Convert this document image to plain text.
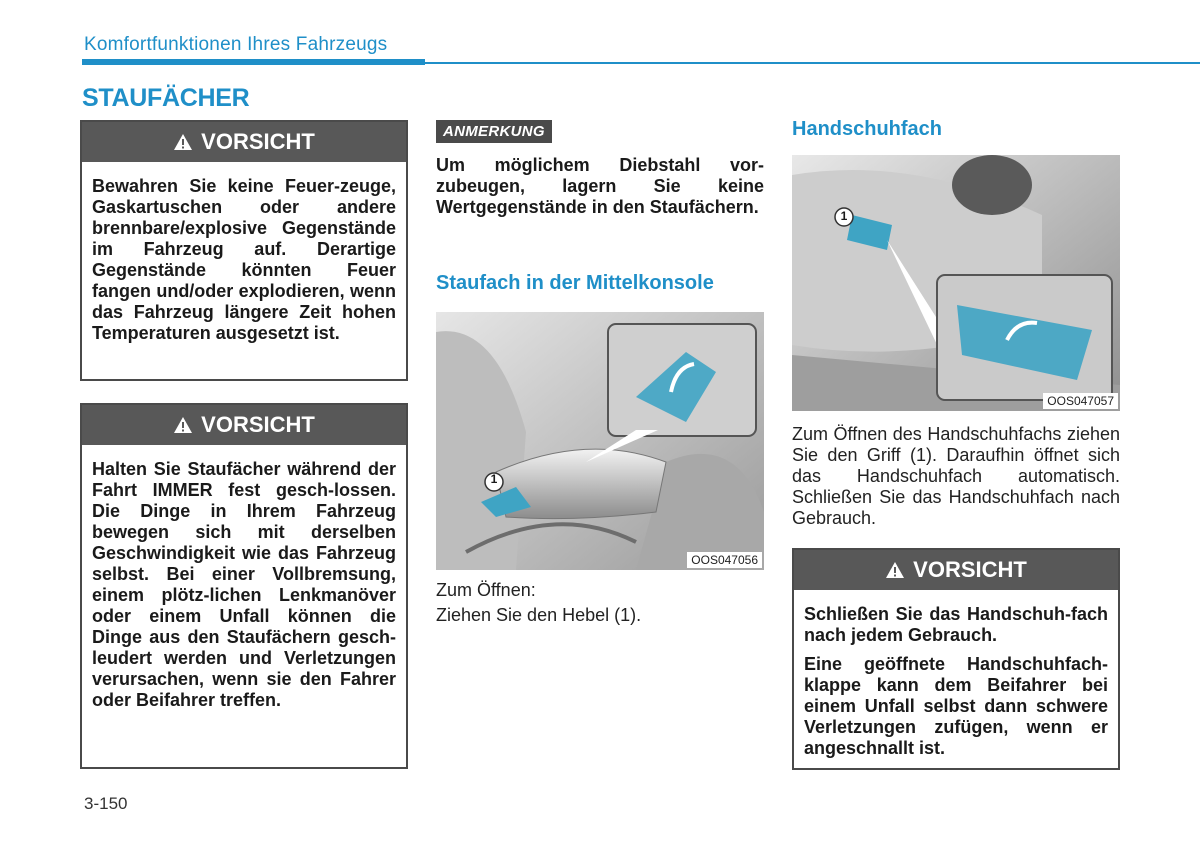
Komfortfunktionen Ihres Fahrzeugs
STAUFÄCHER
VORSICHT
Bewahren Sie keine Feuer-zeuge, Gaskartuschen oder andere brennbare/explosive Gegenstände im Fahrzeug auf. Derartige Gegenstände könnten Feuer fangen und/oder explodieren, wenn das Fahrzeug längere Zeit hohen Temperaturen ausgesetzt ist.
VORSICHT
Halten Sie Staufächer während der Fahrt IMMER fest gesch-lossen. Die Dinge in Ihrem Fahrzeug bewegen sich mit derselben Geschwindigkeit wie das Fahrzeug selbst. Bei einer Vollbremsung, einem plötz-lichen Lenkmanöver oder einem Unfall können die Dinge aus den Staufächern gesch-leudert werden und Verletzungen verursachen, wenn sie den Fahrer oder Beifahrer treffen.
ANMERKUNG
Um möglichem Diebstahl vor-zubeugen, lagern Sie keine Wertgegenstände in den Staufächern.
Staufach in der Mittelkonsole
1
OOS047056
Zum Öffnen:
Ziehen Sie den Hebel (1).
Handschuhfach
1
OOS047057
Zum Öffnen des Handschuhfachs ziehen Sie den Griff (1). Daraufhin öffnet sich das Handschuhfach automatisch. Schließen Sie das Handschuhfach nach Gebrauch.
VORSICHT

Schließen Sie das Handschuh-fach nach jedem Gebrauch.

Eine geöffnete Handschuhfach-klappe kann dem Beifahrer bei einem Unfall selbst dann schwere Verletzungen zufügen, wenn er angeschnallt ist.

3-150
